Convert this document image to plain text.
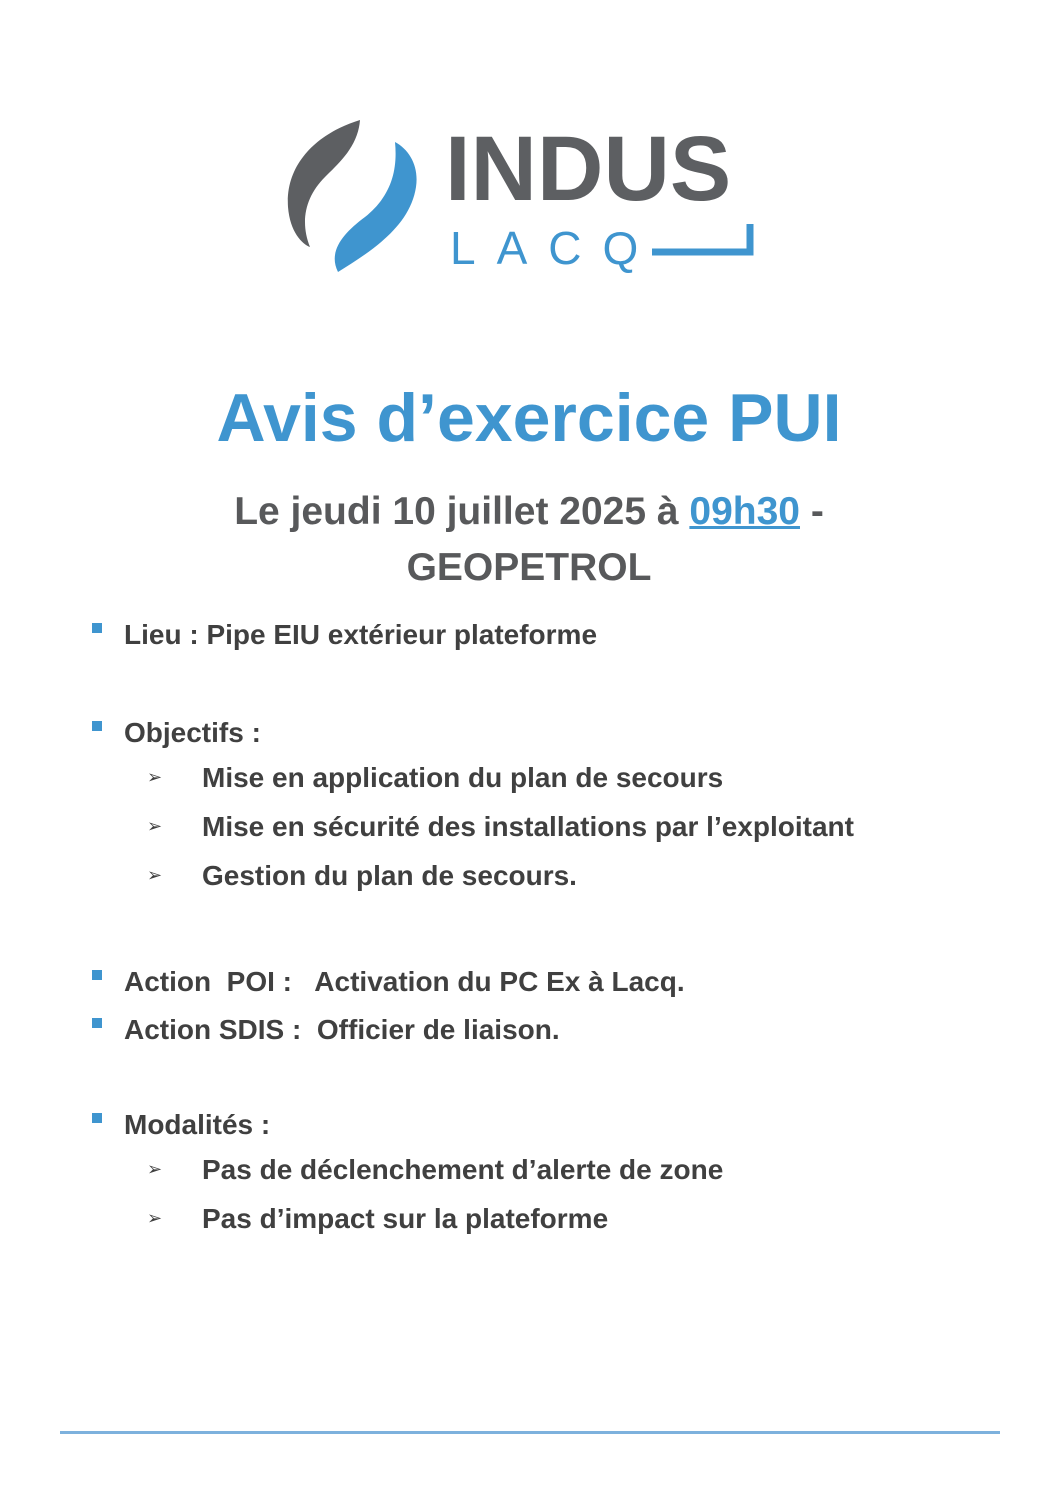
INDUS
LACQ
Avis d’exercice PUI
Le jeudi 10 juillet 2025 à 09h30 -
GEOPETROL
Lieu : Pipe EIU extérieur plateforme
Objectifs :
➢	Mise en application du plan de secours
➢	Mise en sécurité des installations par l’exploitant
➢	Gestion du plan de secours.
Action  POI :   Activation du PC Ex à Lacq.
Action SDIS :  Officier de liaison.
Modalités :
➢	Pas de déclenchement d’alerte de zone
➢	Pas d’impact sur la plateforme
